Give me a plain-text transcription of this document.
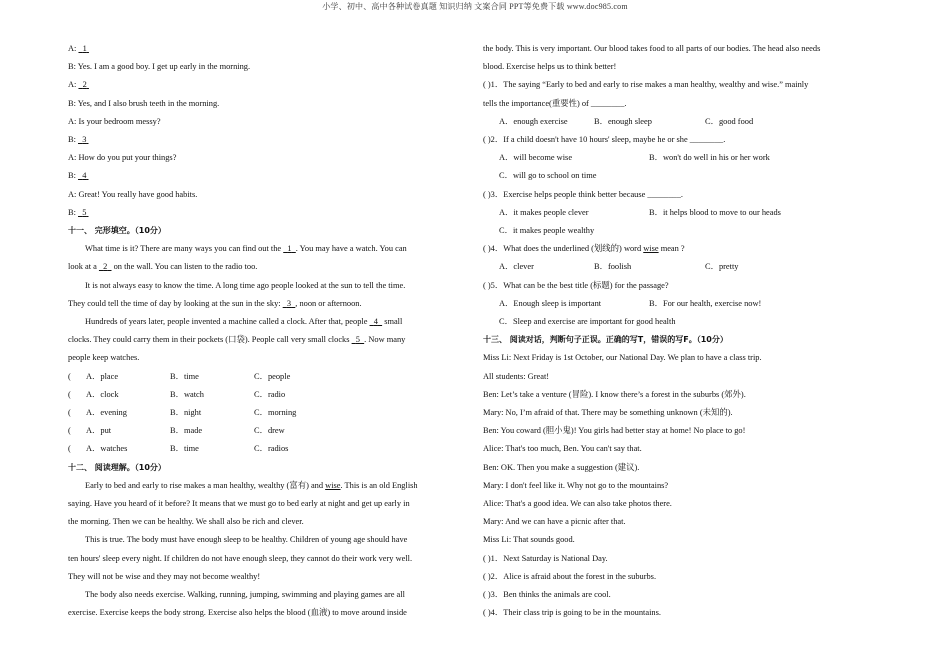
小学、初中、高中各种试卷真题 知识归纳 文案合同 PPT等免费下载 www.doc985.com
A: 1
B: Yes. I am a good boy. I get up early in the morning.
A: 2
B: Yes, and I also brush teeth in the morning.
A: Is your bedroom messy?
B: 3
A: How do you put your things?
B: 4
A: Great! You really have good habits.
B: 5
十一、 完形填空。（10分）
What time is it? There are many ways you can find out the   1 . You may have a watch. You can
look at a   2   on the wall. You can listen to the radio too.
It is not always easy to know the time. A long time ago people looked at the sun to tell the time.
They could tell the time of day by looking at the sun in the sky:   3 , noon or afternoon.
Hundreds of years later, people invented a machine called a clock. After that, people   4   small
clocks. They could carry them in their pockets (口袋). People call very small clocks   5 . Now many
people keep watches.
(	A．place	B．time	C．people
(	A．clock	B．watch	C．radio
(	A．evening	B．night	C．morning
(	A．put	B．made	C．drew
(	A．watches	B．time	C．radios
十二、 阅读理解。（10分）
Early to bed and early to rise makes a man healthy, wealthy (富有) and wise. This is an old English
saying. Have you heard of it before? It means that we must go to bed early at night and get up early in
the morning. Then we can be healthy. We shall also be rich and clever.
This is true. The body must have enough sleep to be healthy. Children of young age should have
ten hours' sleep every night. If children do not have enough sleep, they cannot do their work very well.
They will not be wise and they may not become wealthy!
The body also needs exercise. Walking, running, jumping, swimming and playing games are all
exercise. Exercise keeps the body strong. Exercise also helps the blood (血液) to move around inside
the body. This is very important. Our blood takes food to all parts of our bodies. The head also needs
blood. Exercise helps us to think better!
( )1．The saying “Early to bed and early to rise makes a man healthy, wealthy and wise.” mainly
tells the importance(重要性) of ________.
A．enough exercise	B．enough sleep	C．good food
( )2．If a child doesn't have 10 hours' sleep, maybe he or she ________.
A．will become wise	B．won't do well in his or her work
C．will go to school on time
( )3．Exercise helps people think better because ________.
A．it makes people clever	B．it helps blood to move to our heads
C．it makes people wealthy
( )4．What does the underlined (划线的) word wise mean ?
A．clever	B．foolish	C．pretty
( )5．What can be the best title (标题) for the passage?
A．Enough sleep is important	B．For our health, exercise now!
C．Sleep and exercise are important for good health
十三、 阅读对话，判断句子正误。正确的写T，错误的写F。（10分）
Miss Li: Next Friday is 1st October, our National Day. We plan to have a class trip.
All students: Great!
Ben: Let’s take a venture (冒险). I know there’s a forest in the suburbs (郊外).
Mary: No, I’m afraid of that. There may be something unknown (未知的).
Ben: You coward (胆小鬼)! You girls had better stay at home! No place to go!
Alice: That's too much, Ben. You can't say that.
Ben: OK. Then you make a suggestion (建议).
Mary: I don't feel like it. Why not go to the mountains?
Alice: That's a good idea. We can also take photos there.
Mary: And we can have a picnic after that.
Miss Li: That sounds good.
( )1．Next Saturday is National Day.
( )2．Alice is afraid about the forest in the suburbs.
( )3．Ben thinks the animals are cool.
( )4．Their class trip is going to be in the mountains.
